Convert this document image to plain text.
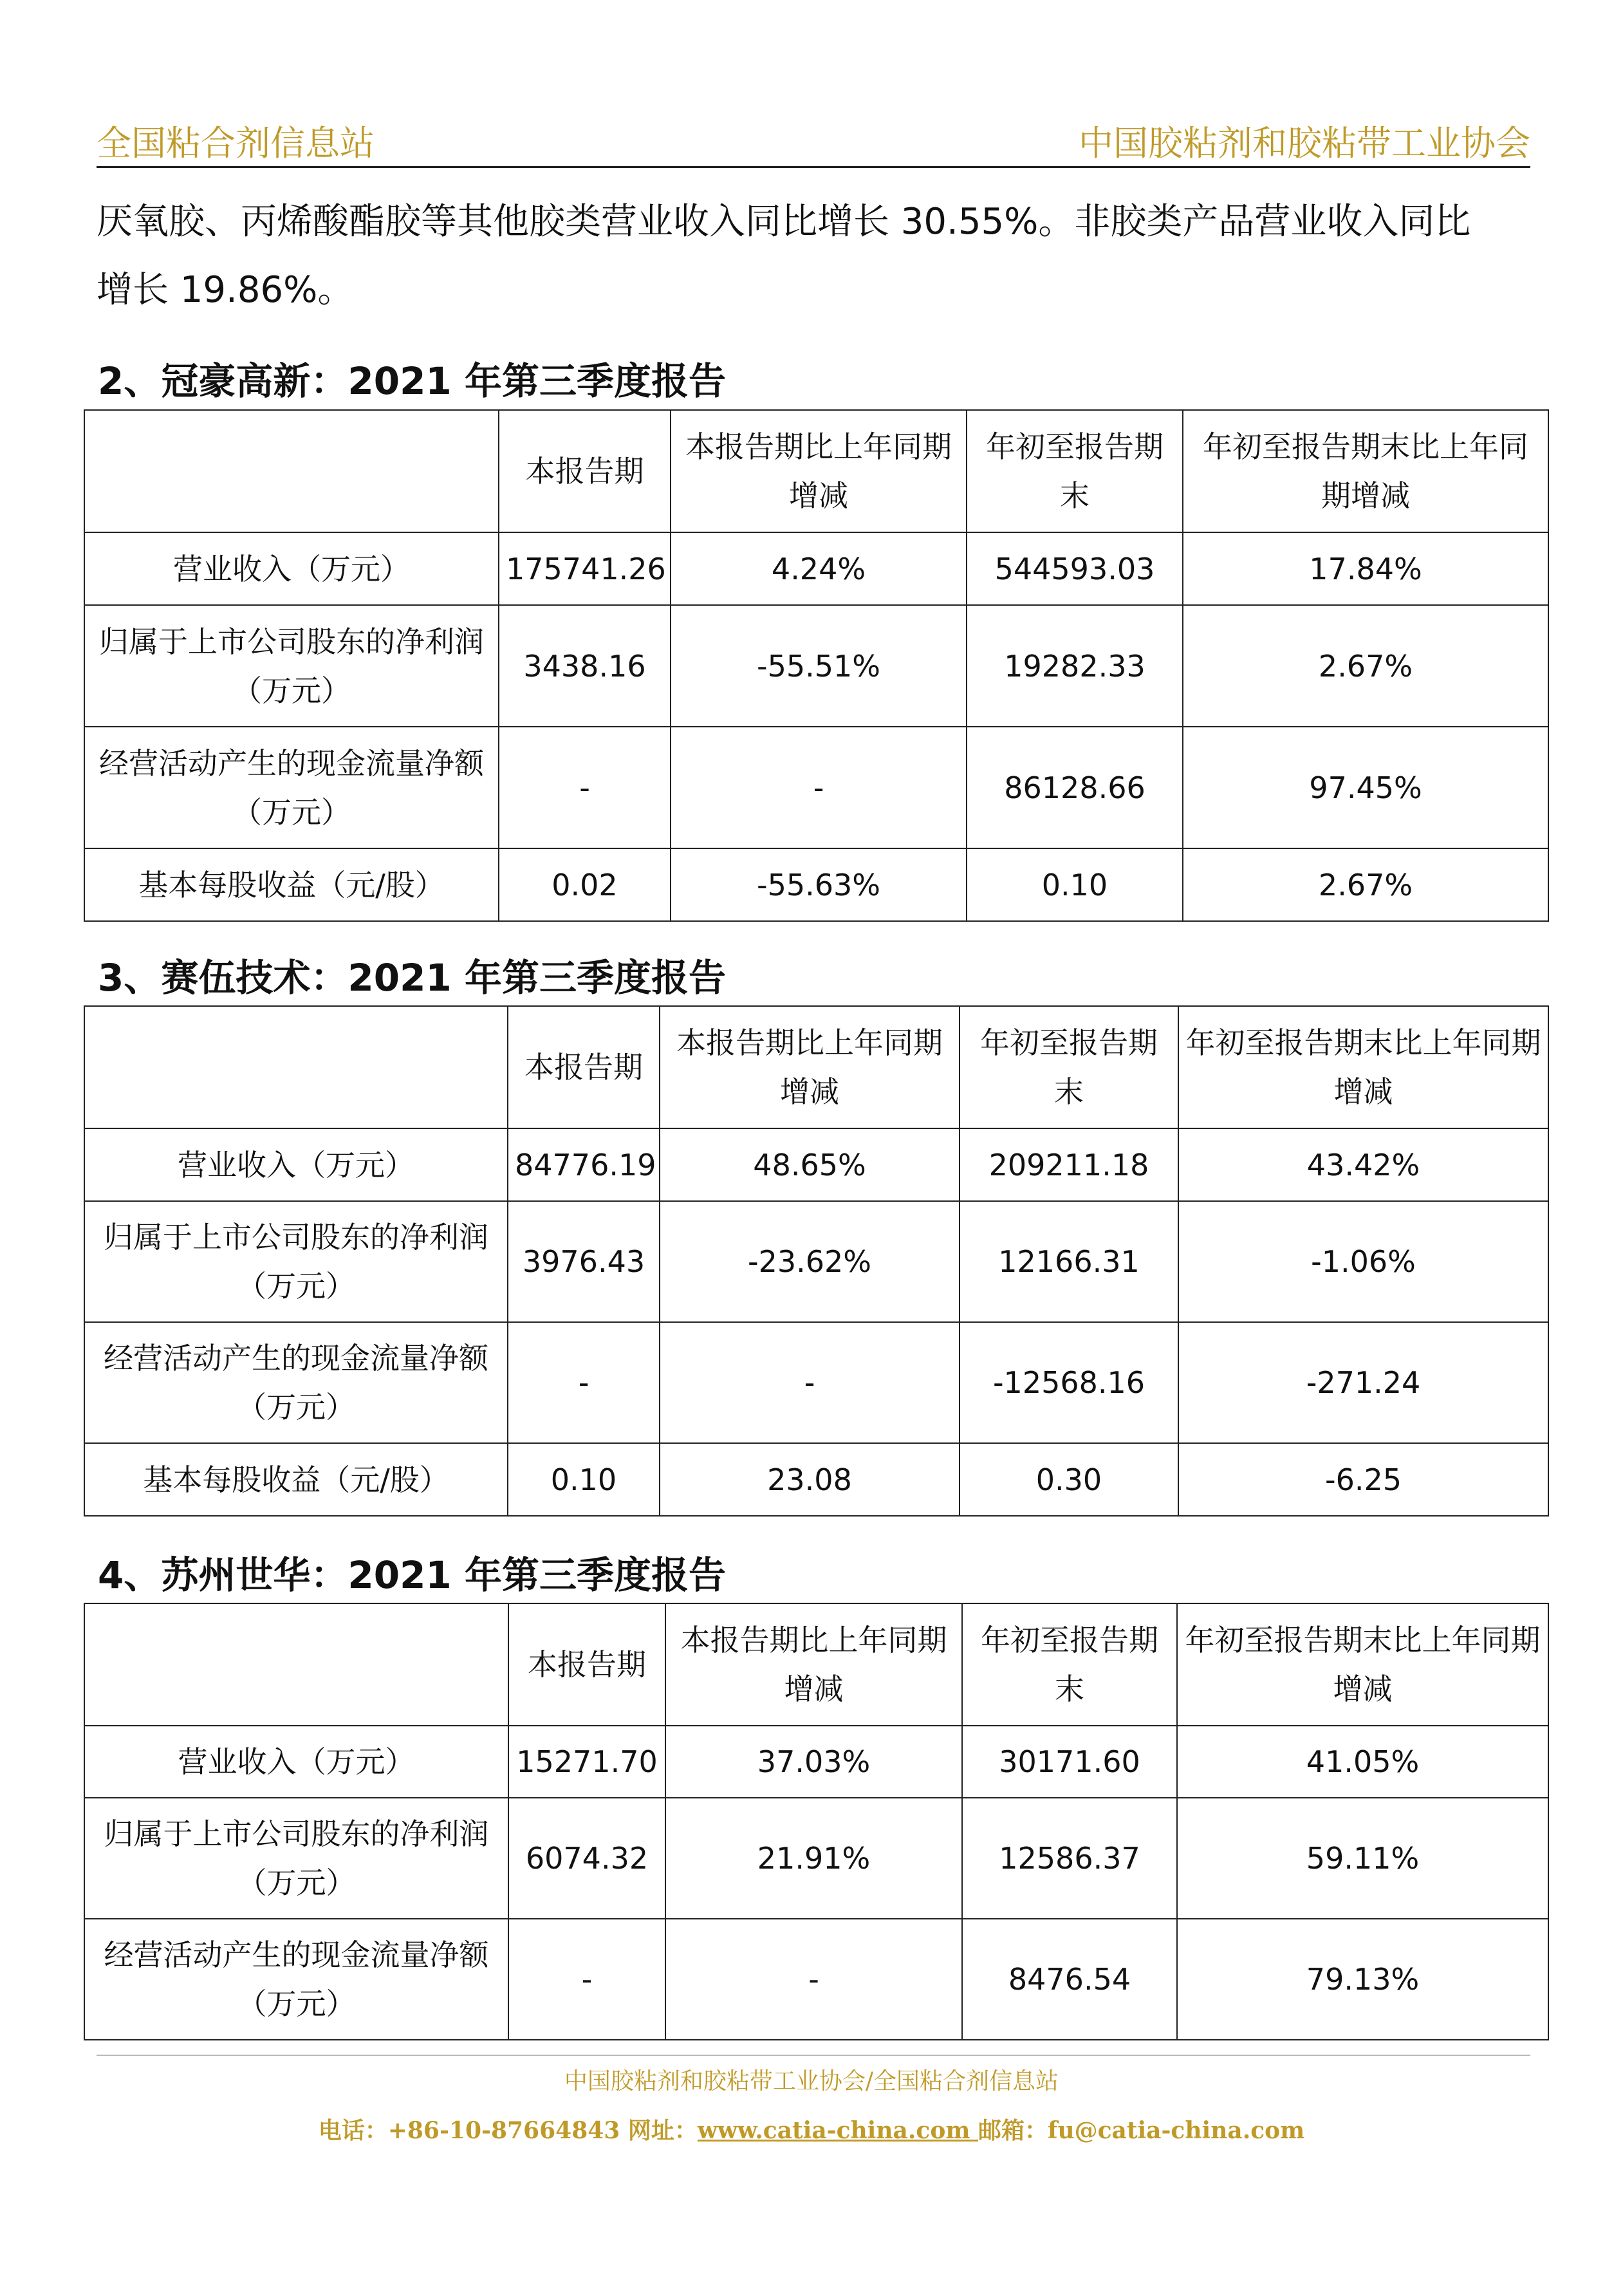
全国粘合剂信息站	中国胶粘剂和胶粘带工业协会
厌氧胶、丙烯酸酯胶等其他胶类营业收入同比增长 30.55%。非胶类产品营业收入同比
增长 19.86%。
2、冠豪高新：2021 年第三季度报告
	本报告期	本报告期比上年同期增减	年初至报告期末	年初至报告期末比上年同期增减
营业收入（万元）	175741.26	4.24%	544593.03	17.84%
归属于上市公司股东的净利润（万元）	3438.16	-55.51%	19282.33	2.67%
经营活动产生的现金流量净额（万元）	-	-	86128.66	97.45%
基本每股收益（元/股）	0.02	-55.63%	0.10	2.67%
3、赛伍技术：2021 年第三季度报告
	本报告期	本报告期比上年同期增减	年初至报告期末	年初至报告期末比上年同期增减
营业收入（万元）	84776.19	48.65%	209211.18	43.42%
归属于上市公司股东的净利润（万元）	3976.43	-23.62%	12166.31	-1.06%
经营活动产生的现金流量净额（万元）	-	-	-12568.16	-271.24
基本每股收益（元/股）	0.10	23.08	0.30	-6.25
4、苏州世华：2021 年第三季度报告
	本报告期	本报告期比上年同期增减	年初至报告期末	年初至报告期末比上年同期增减
营业收入（万元）	15271.70	37.03%	30171.60	41.05%
归属于上市公司股东的净利润（万元）	6074.32	21.91%	12586.37	59.11%
经营活动产生的现金流量净额（万元）	-	-	8476.54	79.13%
中国胶粘剂和胶粘带工业协会/全国粘合剂信息站
电话：+86-10-87664843 网址：www.catia-china.com 邮箱：fu@catia-china.com
